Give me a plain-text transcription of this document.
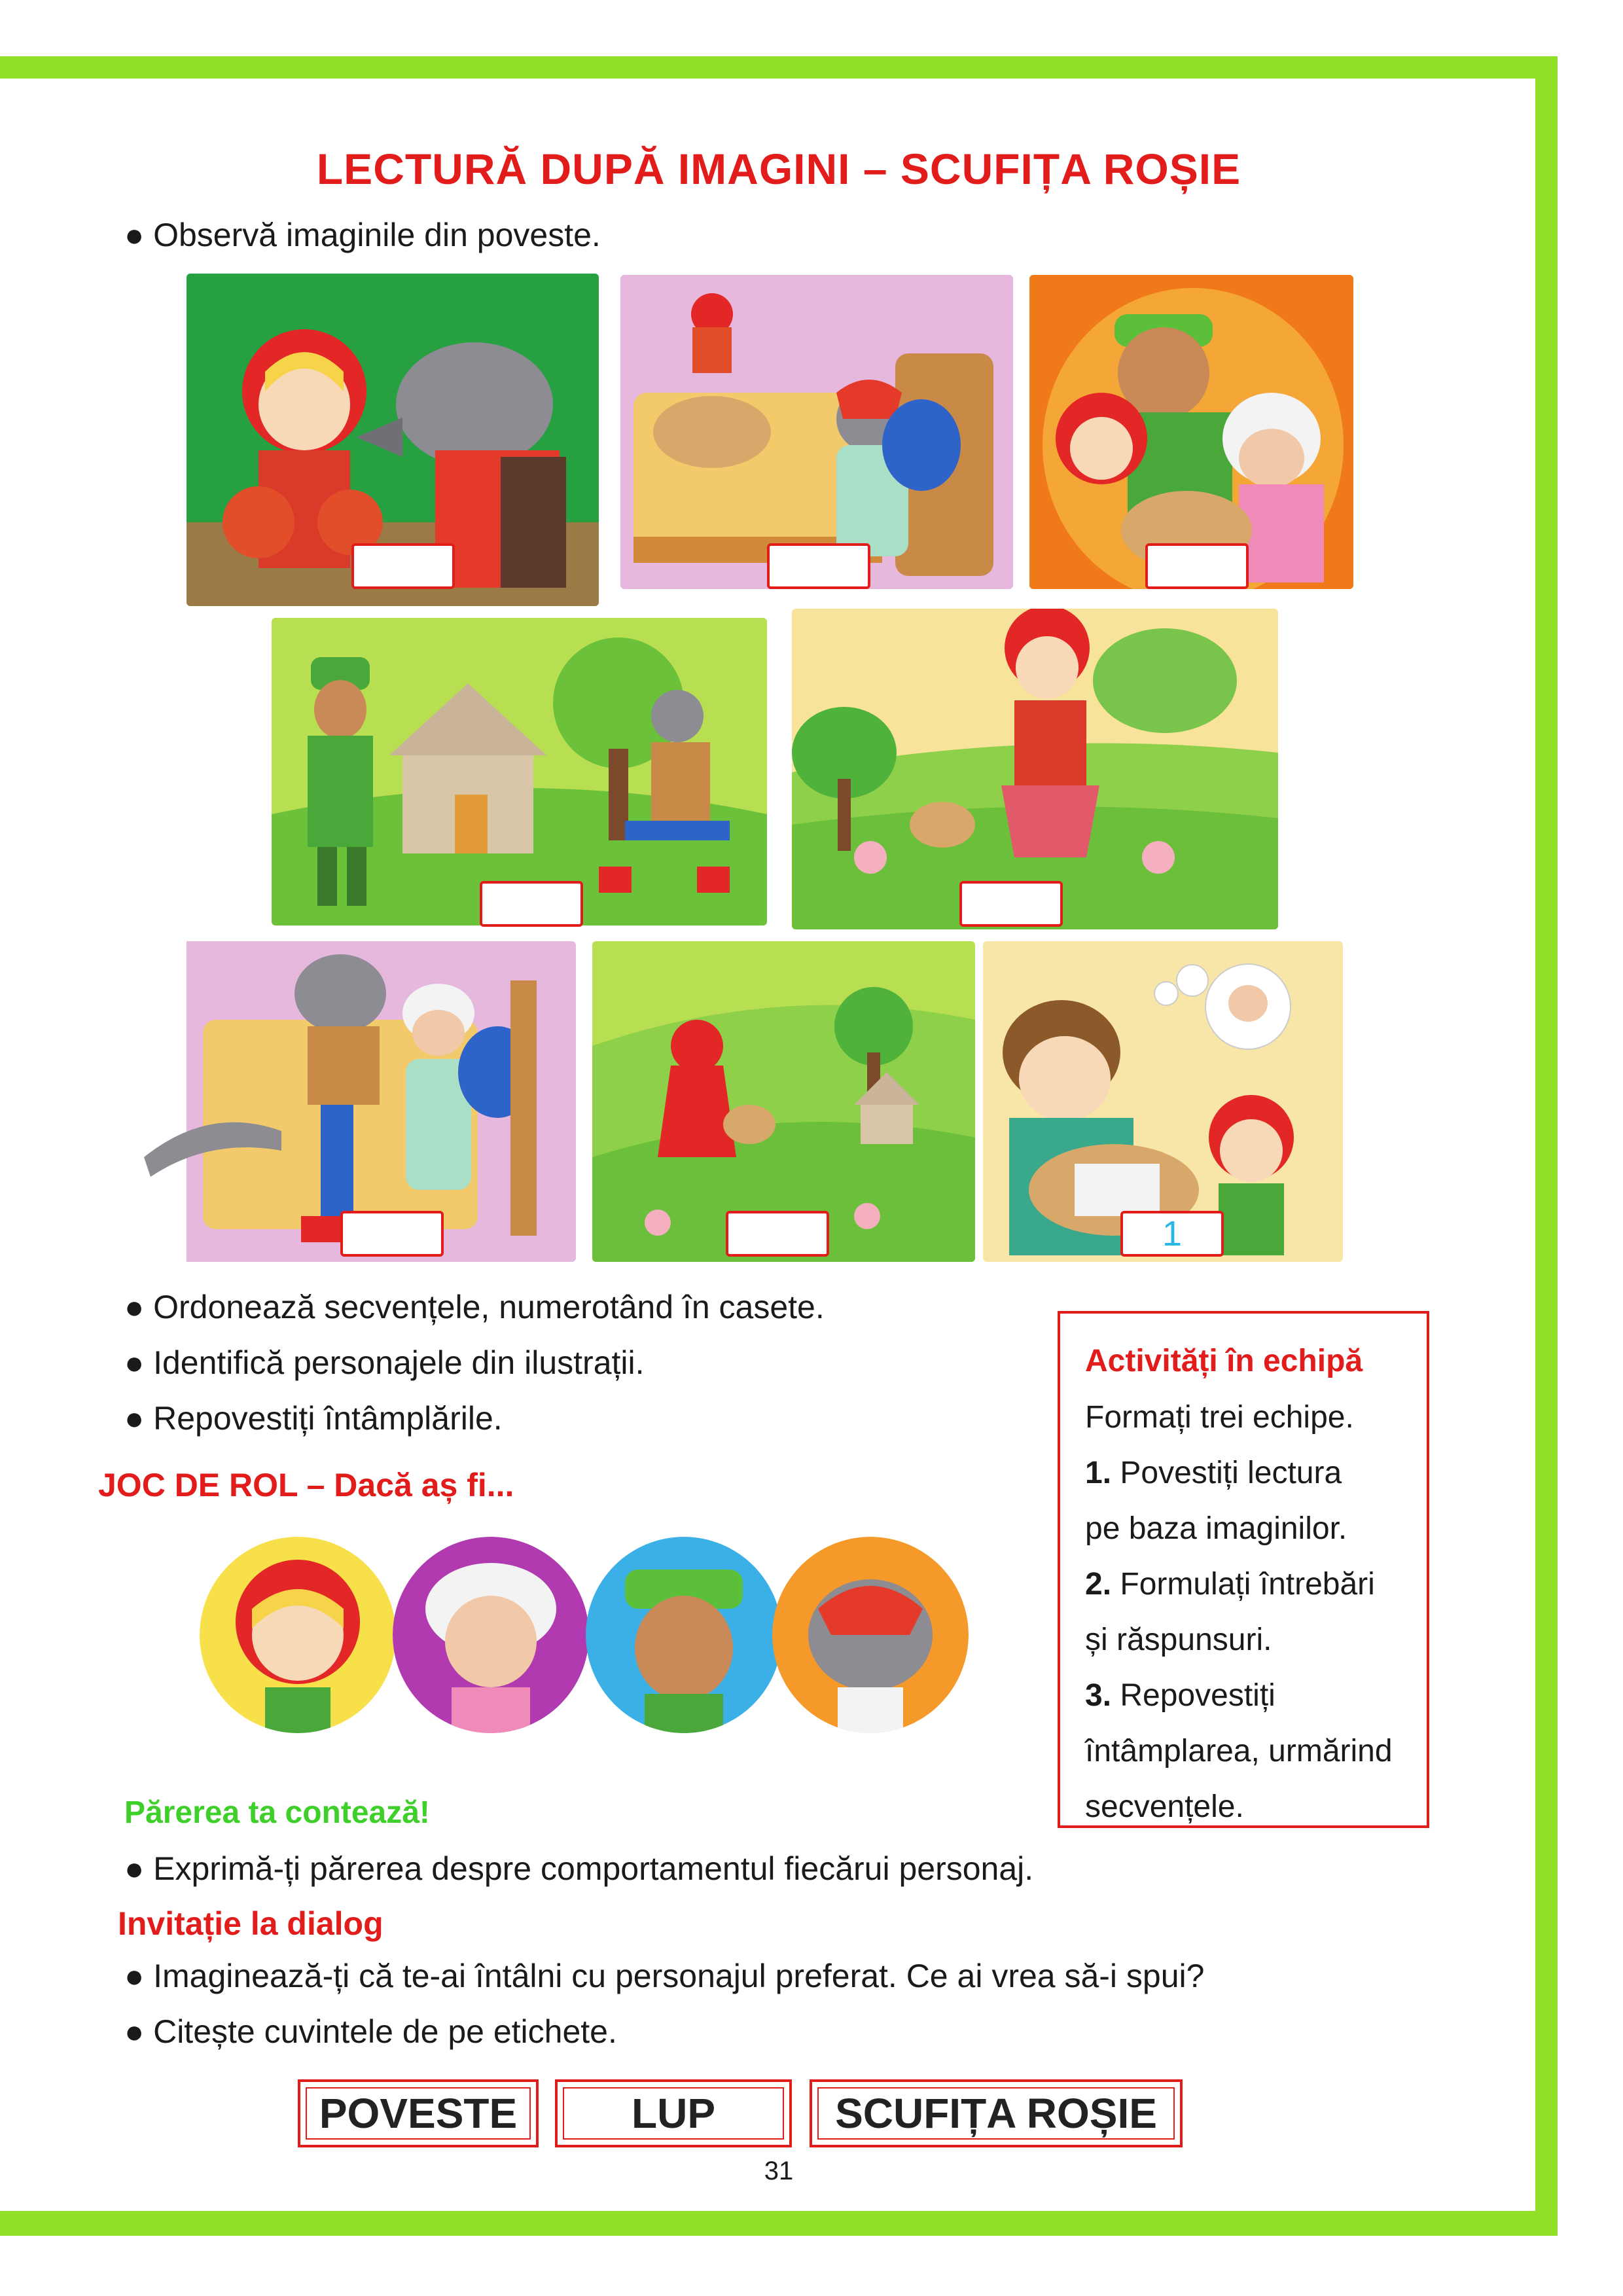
LECTURĂ DUPĂ IMAGINI – SCUFIȚA ROȘIE
● Observă imaginile din poveste.
1
● Ordonează secvențele, numerotând în casete.
● Identifică personajele din ilustrații.
● Repovestiți întâmplările.
JOC DE ROL – Dacă aș fi...
Activități în echipă
Formați trei echipe.
1. Povestiți lectura
pe baza imaginilor.
2. Formulați întrebări
și răspunsuri.
3. Repovestiți
întâmplarea, urmărind
secvențele.
Părerea ta contează!
● Exprimă-ți părerea despre comportamentul fiecărui personaj.
Invitație la dialog
● Imaginează-ți că te-ai întâlni cu personajul preferat. Ce ai vrea să-i spui?
● Citește cuvintele de pe etichete.
POVESTE	LUP	SCUFIȚA ROȘIE
31
